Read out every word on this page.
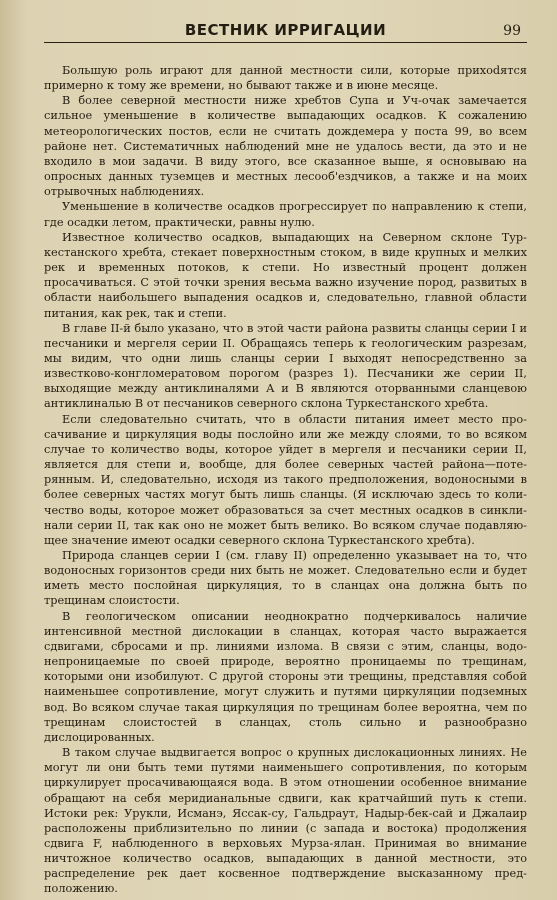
ВЕСТНИК ИРРИГАЦИИ	99

Большую роль играют для данной местности сили, которые прихоdятся примерно к тому же времени, но бывают также и в июне месяце.

В более северной местности ниже хребтов Супа и Уч-очак замечается сильное уменьшение в количестве выпадающих осадков. К сожалению метеорологических постов, если не считать дождемера у поста 99, во всем районе нет. Систематичных наблюдений мне не удалось вести, да это и не входило в мои задачи. В виду этого, все сказанное выше, я основываю на опросных данных туземцев и местных лесооб'ездчиков, а также и на моих отрывочных наблюдениях.

Уменьшение в количестве осадков прогрессирует по направлению к степи, где осадки летом, практически, равны нулю.

Известное количество осадков, выпадающих на Северном склоне Туркестанского хребта, стекает поверхностным стоком, в виде крупных и мелких рек и временных потоков, к степи. Но известный процент должен просачиваться. С этой точки зрения весьма важно изучение пород, развитых в области наибольшего выпадения осадков и, следовательно, главной области питания, как рек, так и степи.

В главе II-й было указано, что в этой части района развиты сланцы серии I и песчаники и мергеля серии II. Обращаясь теперь к геологическим разрезам, мы видим, что одни лишь сланцы серии I выходят непосредственно за известково-конгломератовом порогом (разрез 1). Песчаники же серии II, выходящие между антиклиналями А и В являются оторванными сланцевою антиклиналью В от песчаников северного склона Туркестанского хребта.

Если следовательно считать, что в области питания имеет место просачивание и циркуляция воды послойно или же между слоями, то во всяком случае то количество воды, которое уйдет в мергеля и песчаники серии II, является для степи и, вообще, для более северных частей района—потерянным. И, следовательно, исходя из такого предположения, водоносными в более северных частях могут быть лишь сланцы. (Я исключаю здесь то количество воды, которое может образоваться за счет местных осадков в синклинали серии II, так как оно не может быть велико. Во всяком случае подавляющее значение имеют осадки северного склона Туркестанского хребта).

Природа сланцев серии I (см. главу II) определенно указывает на то, что водоносных горизонтов среди них быть не может. Следовательно если и будет иметь место послойная циркуляция, то в сланцах она должна быть по трещинам слоистости.

В геологическом описании неоднократно подчеркивалось наличие интенсивной местной дислокации в сланцах, которая часто выражается сдвигами, сбросами и пр. линиями излома. В связи с этим, сланцы, водонепроницаемые по своей природе, вероятно проницаемы по трещинам, которыми они изобилуют. С другой стороны эти трещины, представляя собой наименьшее сопротивление, могут служить и путями циркуляции подземных вод. Во всяком случае такая циркуляция по трещинам более вероятна, чем по трещинам слоистостей в сланцах, столь сильно и разнообразно дислоцированных.

В таком случае выдвигается вопрос о крупных дислокационных линиях. Не могут ли они быть теми путями наименьшего сопротивления, по которым циркулирует просачивающаяся вода. В этом отношении особенное внимание обращают на себя меридианальные сдвиги, как кратчайший путь к степи. Истоки рек: Урукли, Исманэ, Яссак-су, Гальдраут, Надыр-бек-сай и Джалаир расположены приблизительно по линии (с запада и востока) продолжения сдвига F, наблюденного в верховьях Мурза-ялан. Принимая во внимание ничтожное количество осадков, выпадающих в данной местности, это распределение рек дает косвенное подтверждение высказанному предположению.
